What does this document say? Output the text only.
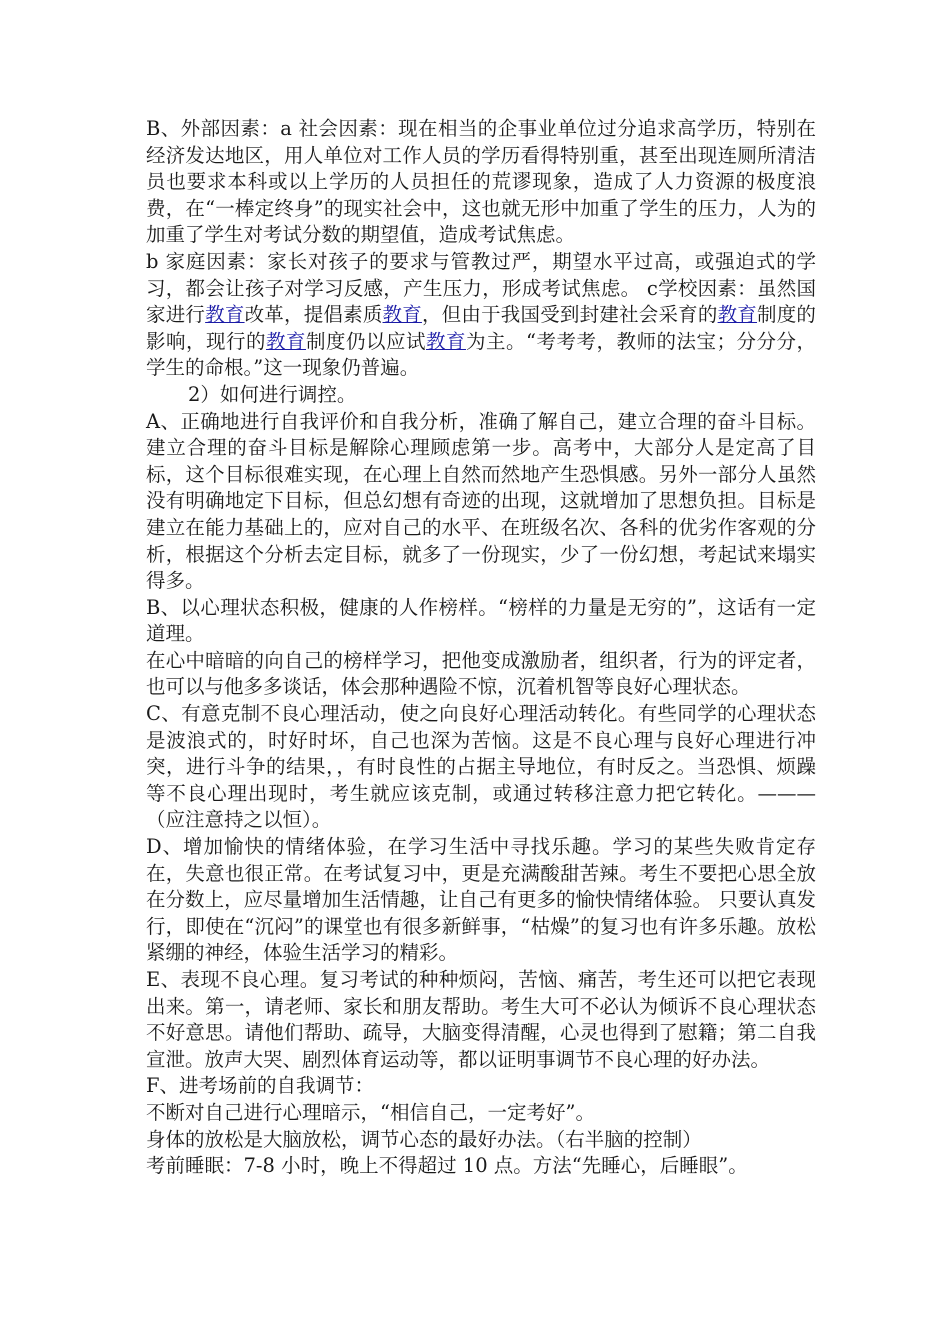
B、外部因素：a 社会因素：现在相当的企事业单位过分追求高学历，特别在经济发达地区，用人单位对工作人员的学历看得特别重，甚至出现连厕所清洁员也要求本科或以上学历的人员担任的荒谬现象，造成了人力资源的极度浪费，在“一棒定终身”的现实社会中，这也就无形中加重了学生的压力，人为的加重了学生对考试分数的期望值，造成考试焦虑。

b 家庭因素：家长对孩子的要求与管教过严，期望水平过高，或强迫式的学习，都会让孩子对学习反感，产生压力，形成考试焦虑。 c学校因素：虽然国家进行教育改革，提倡素质教育，但由于我国受到封建社会采育的教育制度的影响，现行的教育制度仍以应试教育为主。“考考考，教师的法宝；分分分，学生的命根。”这一现象仍普遍。

2）如何进行调控。

A、正确地进行自我评价和自我分析，准确了解自己，建立合理的奋斗目标。建立合理的奋斗目标是解除心理顾虑第一步。高考中，大部分人是定高了目标，这个目标很难实现，在心理上自然而然地产生恐惧感。另外一部分人虽然没有明确地定下目标，但总幻想有奇迹的出现，这就增加了思想负担。目标是建立在能力基础上的，应对自己的水平、在班级名次、各科的优劣作客观的分析，根据这个分析去定目标，就多了一份现实，少了一份幻想，考起试来塌实得多。

B、以心理状态积极，健康的人作榜样。“榜样的力量是无穷的”，这话有一定道理。

在心中暗暗的向自己的榜样学习，把他变成激励者，组织者，行为的评定者，也可以与他多多谈话，体会那种遇险不惊，沉着机智等良好心理状态。

C、有意克制不良心理活动，使之向良好心理活动转化。有些同学的心理状态是波浪式的，时好时坏，自己也深为苦恼。这是不良心理与良好心理进行冲突，进行斗争的结果，，有时良性的占据主导地位，有时反之。当恐惧、烦躁等不良心理出现时，考生就应该克制，或通过转移注意力把它转化。———（应注意持之以恒）。

D、增加愉快的情绪体验，在学习生活中寻找乐趣。学习的某些失败肯定存在，失意也很正常。在考试复习中，更是充满酸甜苦辣。考生不要把心思全放在分数上，应尽量增加生活情趣，让自己有更多的愉快情绪体验。 只要认真发行，即使在“沉闷”的课堂也有很多新鲜事，“枯燥”的复习也有许多乐趣。放松紧绷的神经，体验生活学习的精彩。

E、表现不良心理。复习考试的种种烦闷，苦恼、痛苦，考生还可以把它表现出来。第一，请老师、家长和朋友帮助。考生大可不必认为倾诉不良心理状态不好意思。请他们帮助、疏导，大脑变得清醒，心灵也得到了慰籍；第二自我宣泄。放声大哭、剧烈体育运动等，都以证明事调节不良心理的好办法。

F、进考场前的自我调节：

不断对自己进行心理暗示，“相信自己，一定考好”。

身体的放松是大脑放松，调节心态的最好办法。（右半脑的控制）

考前睡眠：7-8 小时，晚上不得超过 10 点。方法“先睡心，后睡眼”。
